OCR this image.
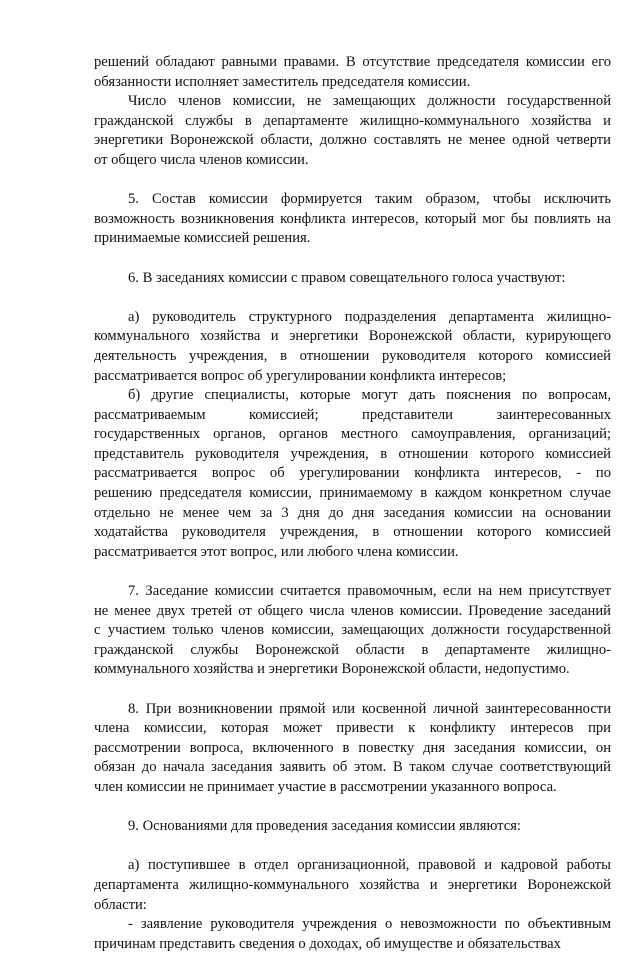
решений обладают равными правами. В отсутствие председателя комиссии его
обязанности исполняет заместитель председателя комиссии.

Число членов комиссии, не замещающих должности государственной
гражданской службы в департаменте жилищно-коммунального хозяйства и
энергетики Воронежской области, должно составлять не менее одной четверти
от общего числа членов комиссии.

5. Состав комиссии формируется таким образом, чтобы исключить
возможность возникновения конфликта интересов, который мог бы повлиять на
принимаемые комиссией решения.

6. В заседаниях комиссии с правом совещательного голоса участвуют:

а) руководитель структурного подразделения департамента жилищно-
коммунального хозяйства и энергетики Воронежской области, курирующего
деятельность учреждения, в отношении руководителя которого комиссией
рассматривается вопрос об урегулировании конфликта интересов;

б) другие специалисты, которые могут дать пояснения по вопросам,
рассматриваемым комиссией; представители заинтересованных
государственных органов, органов местного самоуправления, организаций;
представитель руководителя учреждения, в отношении которого комиссией
рассматривается вопрос об урегулировании конфликта интересов, - по
решению председателя комиссии, принимаемому в каждом конкретном случае
отдельно не менее чем за 3 дня до дня заседания комиссии на основании
ходатайства руководителя учреждения, в отношении которого комиссией
рассматривается этот вопрос, или любого члена комиссии.

7. Заседание комиссии считается правомочным, если на нем присутствует
не менее двух третей от общего числа членов комиссии. Проведение заседаний
с участием только членов комиссии, замещающих должности государственной
гражданской службы Воронежской области в департаменте жилищно-
коммунального хозяйства и энергетики Воронежской области, недопустимо.

8. При возникновении прямой или косвенной личной заинтересованности
члена комиссии, которая может привести к конфликту интересов при
рассмотрении вопроса, включенного в повестку дня заседания комиссии, он
обязан до начала заседания заявить об этом. В таком случае соответствующий
член комиссии не принимает участие в рассмотрении указанного вопроса.

9. Основаниями для проведения заседания комиссии являются:

а) поступившее в отдел организационной, правовой и кадровой работы
департамента жилищно-коммунального хозяйства и энергетики Воронежской
области:

- заявление руководителя учреждения о невозможности по объективным
причинам представить сведения о доходах, об имуществе и обязательствах
